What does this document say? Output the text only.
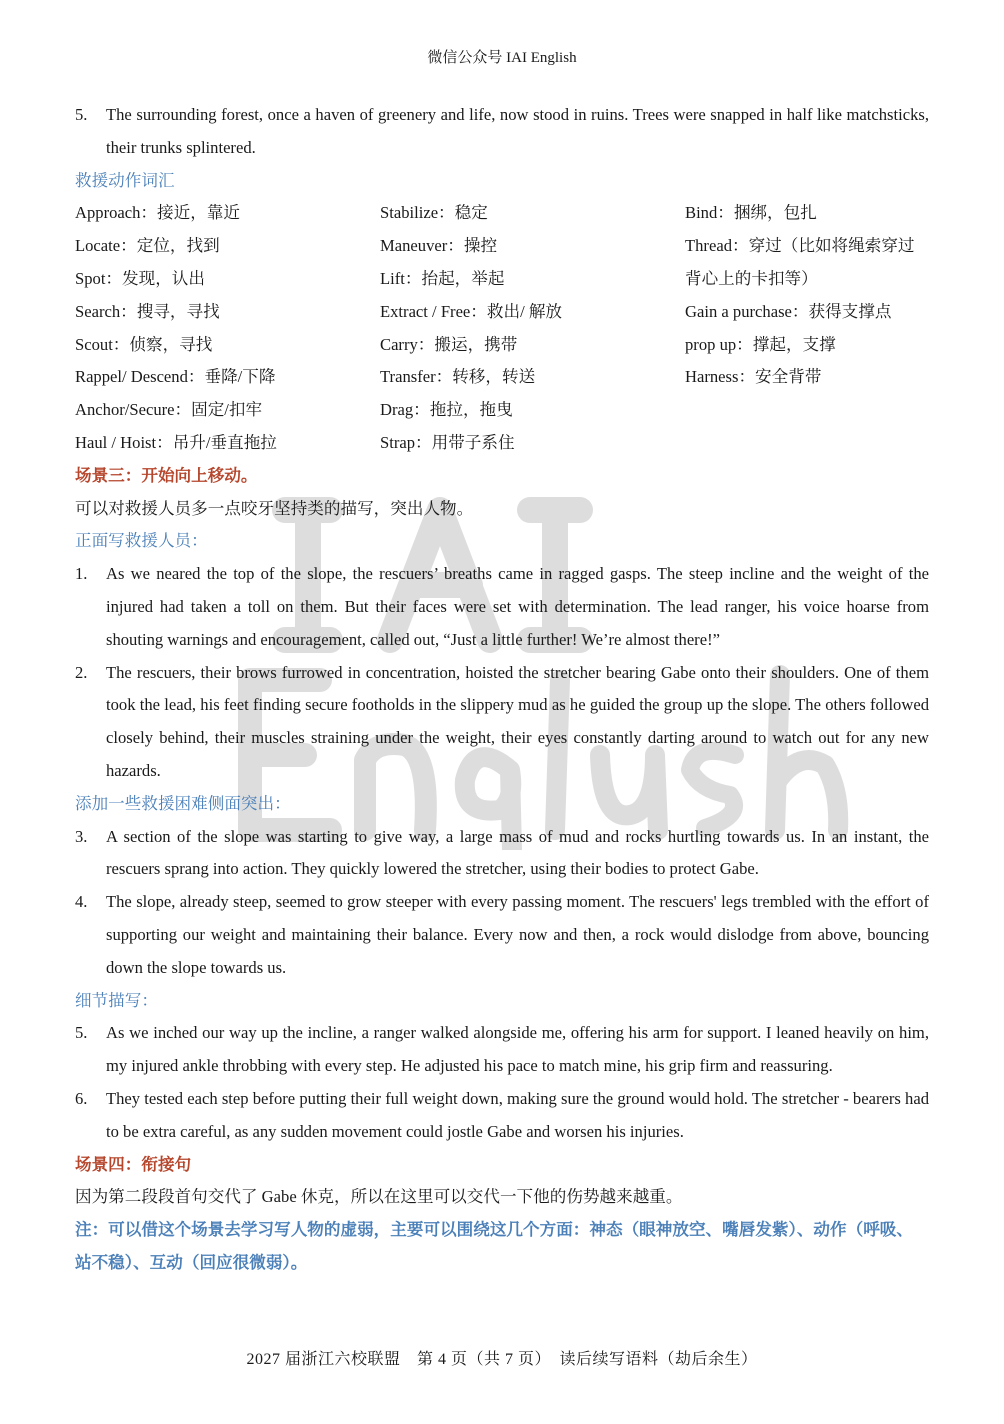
微信公众号 IAI English
5.	The surrounding forest, once a haven of greenery and life, now stood in ruins. Trees were snapped in half like matchsticks, their trunks splintered.
救援动作词汇
Approach：接近，靠近	Stabilize：稳定	Bind：捆绑，包扎
Locate：定位，找到	Maneuver：操控	Thread：穿过（比如将绳索穿过背心上的卡扣等）
Spot：发现，认出	Lift：抬起，举起
Search：搜寻，寻找	Extract / Free：救出/ 解放	Gain a purchase：获得支撑点
Scout：侦察，寻找	Carry：搬运，携带	prop up：撑起，支撑
Rappel/ Descend：垂降/下降	Transfer：转移，转送	Harness：安全背带
Anchor/Secure：固定/扣牢	Drag：拖拉，拖曳
Haul / Hoist：吊升/垂直拖拉	Strap：用带子系住
场景三：开始向上移动。
可以对救援人员多一点咬牙坚持类的描写，突出人物。
正面写救援人员：
1.	As we neared the top of the slope, the rescuers’ breaths came in ragged gasps. The steep incline and the weight of the injured had taken a toll on them. But their faces were set with determination. The lead ranger, his voice hoarse from shouting warnings and encouragement, called out, “Just a little further! We’re almost there!”
2.	The rescuers, their brows furrowed in concentration, hoisted the stretcher bearing Gabe onto their shoulders. One of them took the lead, his feet finding secure footholds in the slippery mud as he guided the group up the slope. The others followed closely behind, their muscles straining under the weight, their eyes constantly darting around to watch out for any new hazards.
添加一些救援困难侧面突出：
3.	A section of the slope was starting to give way, a large mass of mud and rocks hurtling towards us. In an instant, the rescuers sprang into action. They quickly lowered the stretcher, using their bodies to protect Gabe.
4.	The slope, already steep, seemed to grow steeper with every passing moment. The rescuers' legs trembled with the effort of supporting our weight and maintaining their balance. Every now and then, a rock would dislodge from above, bouncing down the slope towards us.
细节描写：
5.	As we inched our way up the incline, a ranger walked alongside me, offering his arm for support. I leaned heavily on him, my injured ankle throbbing with every step. He adjusted his pace to match mine, his grip firm and reassuring.
6.	They tested each step before putting their full weight down, making sure the ground would hold. The stretcher - bearers had to be extra careful, as any sudden movement could jostle Gabe and worsen his injuries.
场景四：衔接句
因为第二段段首句交代了 Gabe 休克，所以在这里可以交代一下他的伤势越来越重。
注：可以借这个场景去学习写人物的虚弱，主要可以围绕这几个方面：神态（眼神放空、嘴唇发紫）、动作（呼吸、站不稳）、互动（回应很微弱）。
2027 届浙江六校联盟　第 4 页（共 7 页）　读后续写语料（劫后余生）
